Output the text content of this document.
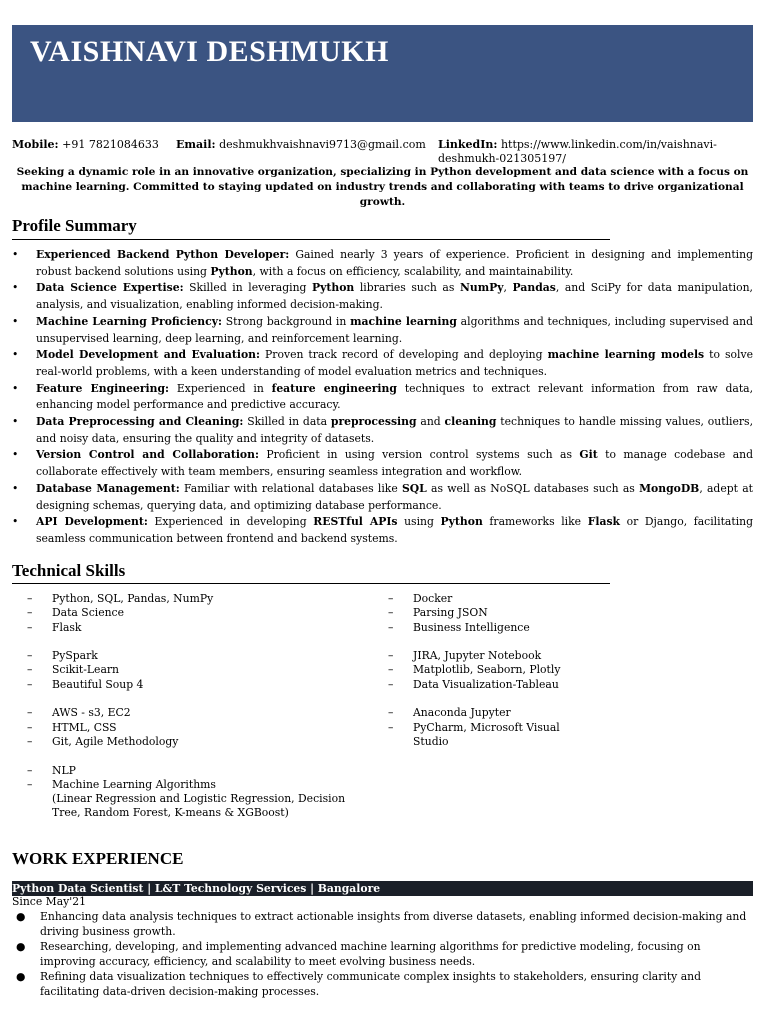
VAISHNAVI DESHMUKH
Mobile: +91 7821084633 Email: deshmukhvaishnavi9713@gmail.com LinkedIn: https://www.linkedin.com/in/vaishnavi-
deshmukh-021305197/
Seeking a dynamic role in an innovative organization, specializing in Python development and data science with a focus on machine learning. Committed to staying updated on industry trends and collaborating with teams to drive organizational growth.
Profile Summary
• Experienced Backend Python Developer: Gained nearly 3 years of experience. Proficient in designing and implementing robust backend solutions using Python, with a focus on efficiency, scalability, and maintainability.
• Data Science Expertise: Skilled in leveraging Python libraries such as NumPy, Pandas, and SciPy for data manipulation, analysis, and visualization, enabling informed decision-making.
• Machine Learning Proficiency: Strong background in machine learning algorithms and techniques, including supervised and unsupervised learning, deep learning, and reinforcement learning.
• Model Development and Evaluation: Proven track record of developing and deploying machine learning models to solve real-world problems, with a keen understanding of model evaluation metrics and techniques.
• Feature Engineering: Experienced in feature engineering techniques to extract relevant information from raw data, enhancing model performance and predictive accuracy.
• Data Preprocessing and Cleaning: Skilled in data preprocessing and cleaning techniques to handle missing values, outliers, and noisy data, ensuring the quality and integrity of datasets.
• Version Control and Collaboration: Proficient in using version control systems such as Git to manage codebase and collaborate effectively with team members, ensuring seamless integration and workflow.
• Database Management: Familiar with relational databases like SQL as well as NoSQL databases such as MongoDB, adept at designing schemas, querying data, and optimizing database performance.
• API Development: Experienced in developing RESTful APIs using Python frameworks like Flask or Django, facilitating seamless communication between frontend and backend systems.
Technical Skills
– Python, SQL, Pandas, NumPy
– Data Science
– Flask
– PySpark
– Scikit-Learn
– Beautiful Soup 4
– AWS - s3, EC2
– HTML, CSS
– Git, Agile Methodology
– NLP
– Machine Learning Algorithms
(Linear Regression and Logistic Regression, Decision
Tree, Random Forest, K-means & XGBoost)
– Docker
– Parsing JSON
– Business Intelligence
– JIRA, Jupyter Notebook
– Matplotlib, Seaborn, Plotly
– Data Visualization-Tableau
– Anaconda Jupyter
– PyCharm, Microsoft Visual
Studio
WORK EXPERIENCE
Python Data Scientist | L&T Technology Services | Bangalore
Since May'21
● Enhancing data analysis techniques to extract actionable insights from diverse datasets, enabling informed decision-making and driving business growth.
● Researching, developing, and implementing advanced machine learning algorithms for predictive modeling, focusing on improving accuracy, efficiency, and scalability to meet evolving business needs.
● Refining data visualization techniques to effectively communicate complex insights to stakeholders, ensuring clarity and facilitating data-driven decision-making processes.
